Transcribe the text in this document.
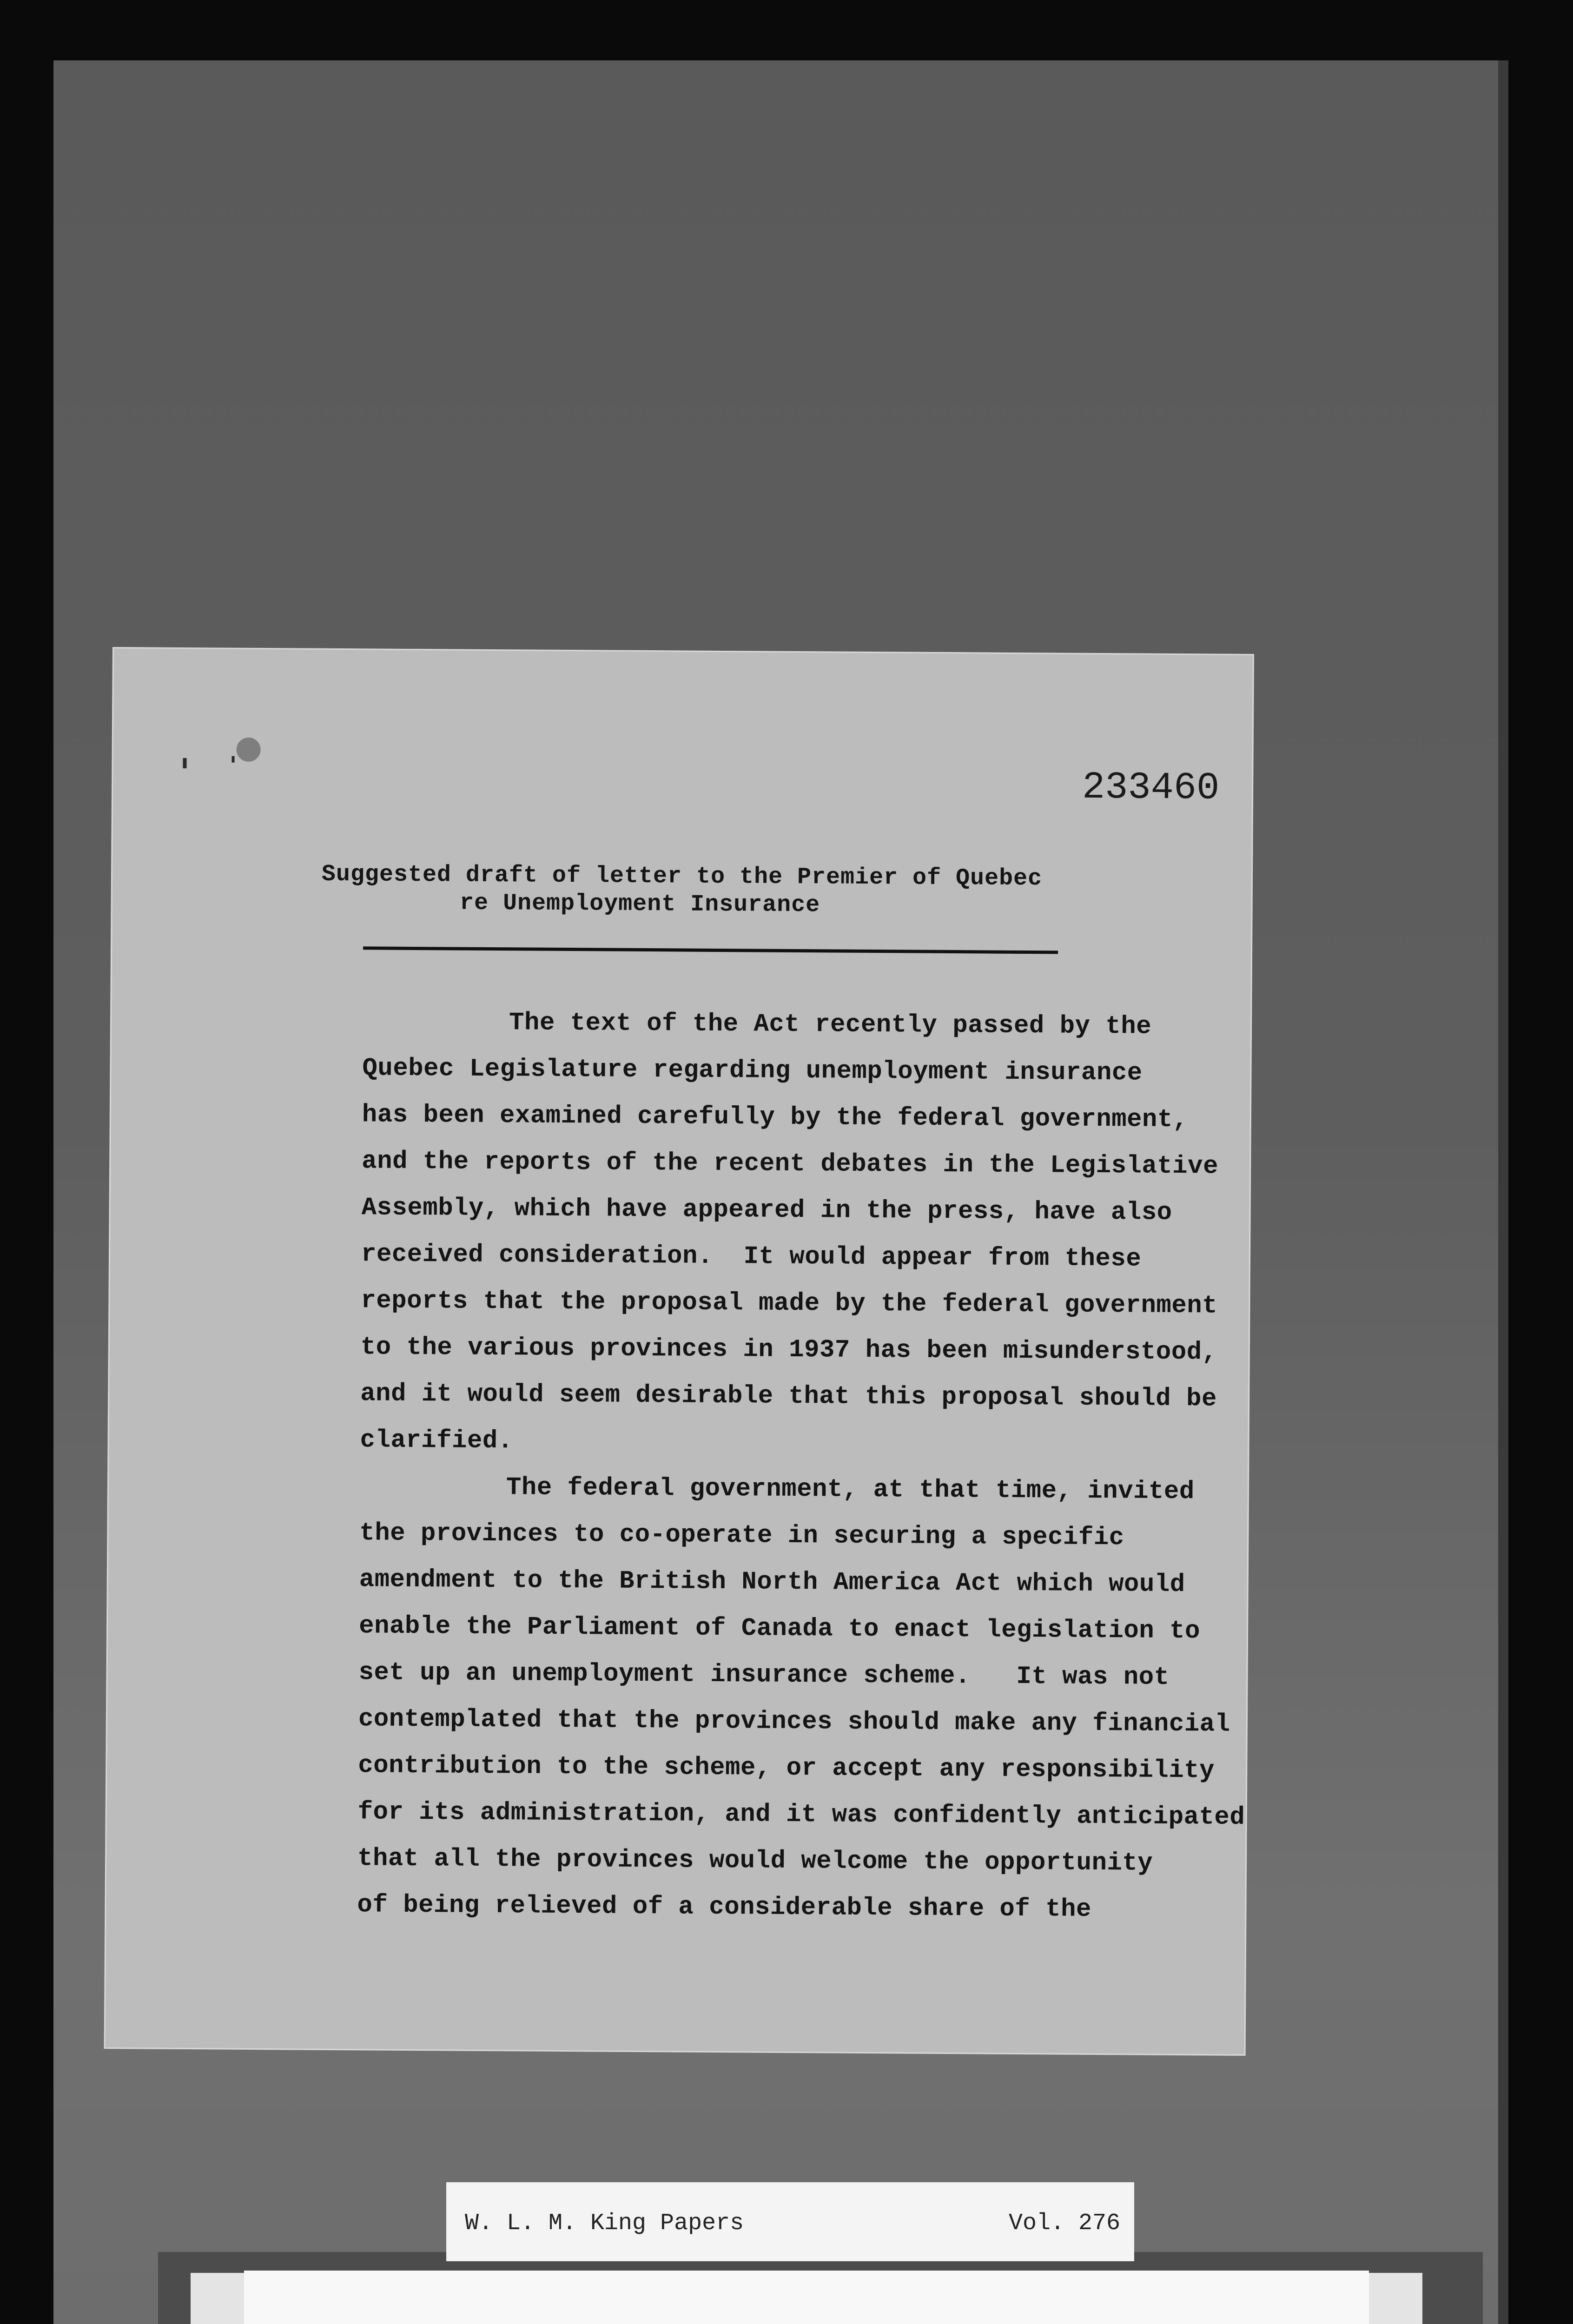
233460
Suggested draft of letter to the Premier of Quebec
re Unemployment Insurance
The text of the Act recently passed by the
Quebec Legislature regarding unemployment insurance
has been examined carefully by the federal government,
and the reports of the recent debates in the Legislative
Assembly, which have appeared in the press, have also
received consideration.  It would appear from these
reports that the proposal made by the federal government
to the various provinces in 1937 has been misunderstood,
and it would seem desirable that this proposal should be
clarified.
The federal government, at that time, invited
the provinces to co-operate in securing a specific
amendment to the British North America Act which would
enable the Parliament of Canada to enact legislation to
set up an unemployment insurance scheme.   It was not
contemplated that the provinces should make any financial
contribution to the scheme, or accept any responsibility
for its administration, and it was confidently anticipated
that all the provinces would welcome the opportunity
of being relieved of a considerable share of the
W. L. M. King Papers	Vol. 276
